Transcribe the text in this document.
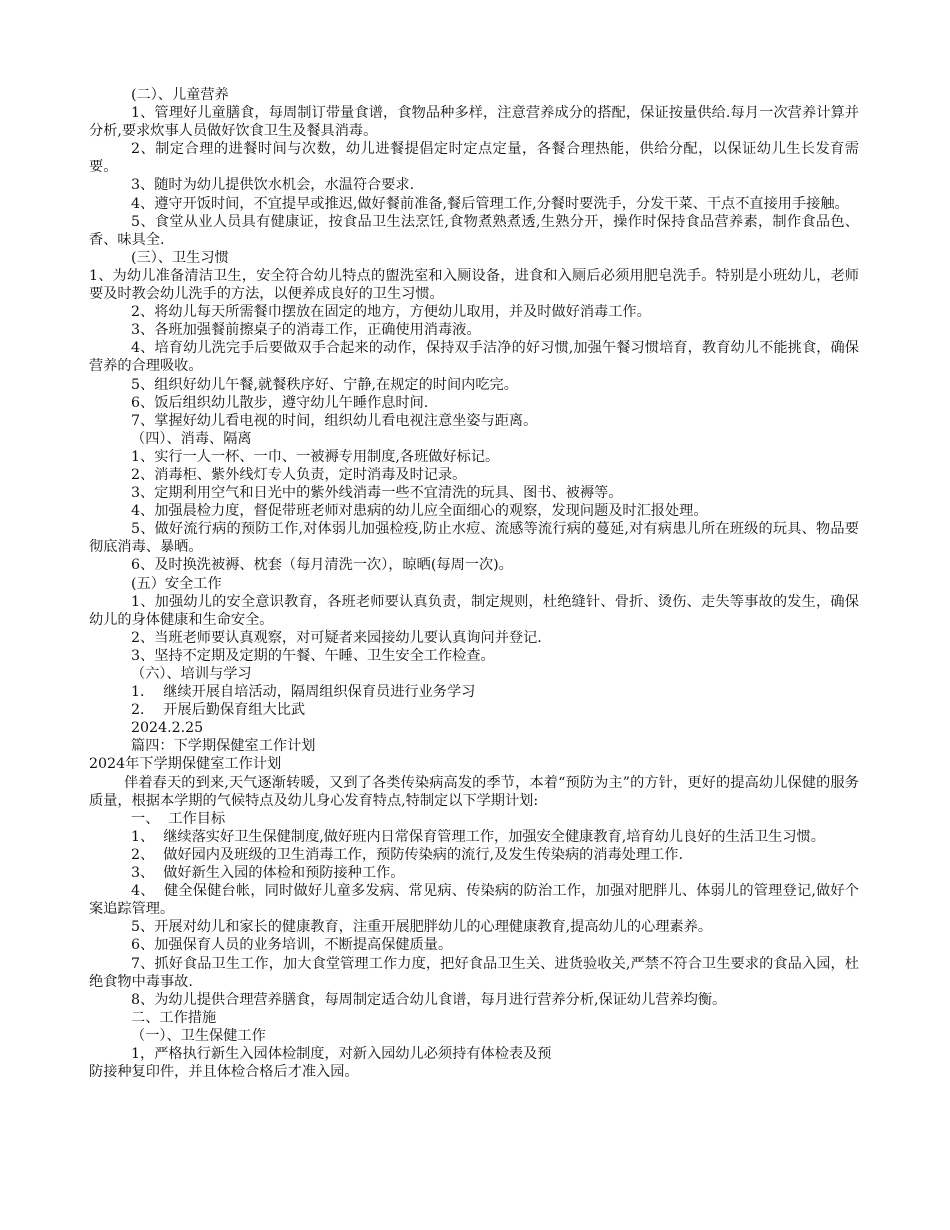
(二）、儿童营养
1、管理好儿童膳食，每周制订带量食谱，食物品种多样，注意营养成分的搭配，保证按量供给.每月一次营养计算并分析,要求炊事人员做好饮食卫生及餐具消毒。
2、制定合理的进餐时间与次数，幼儿进餐提倡定时定点定量，各餐合理热能，供给分配，以保证幼儿生长发育需要。
3、随时为幼儿提供饮水机会，水温符合要求.
4、遵守开饭时间，不宜提早或推迟,做好餐前准备,餐后管理工作,分餐时要洗手，分发干菜、干点不直接用手接触。
5、食堂从业人员具有健康证，按食品卫生法烹饪,食物煮熟煮透,生熟分开，操作时保持食品营养素，制作食品色、香、味具全.
(三）、卫生习惯
1、为幼儿准备清洁卫生，安全符合幼儿特点的盥洗室和入厕设备，进食和入厕后必须用肥皂洗手。特别是小班幼儿，老师要及时教会幼儿洗手的方法，以便养成良好的卫生习惯。
2、将幼儿每天所需餐巾摆放在固定的地方，方便幼儿取用，并及时做好消毒工作。
3、各班加强餐前擦桌子的消毒工作，正确使用消毒液。
4、培育幼儿洗完手后要做双手合起来的动作，保持双手洁净的好习惯,加强午餐习惯培育，教育幼儿不能挑食，确保营养的合理吸收。
5、组织好幼儿午餐,就餐秩序好、宁静,在规定的时间内吃完。
6、饭后组织幼儿散步，遵守幼儿午睡作息时间.
7、掌握好幼儿看电视的时间，组织幼儿看电视注意坐姿与距离。
（四）、消毒、隔离
1、实行一人一杯、一巾、一被褥专用制度,各班做好标记。
2、消毒柜、紫外线灯专人负责，定时消毒及时记录。
3、定期利用空气和日光中的紫外线消毒一些不宜清洗的玩具、图书、被褥等。
4、加强晨检力度，督促带班老师对患病的幼儿应全面细心的观察，发现问题及时汇报处理。
5、做好流行病的预防工作,对体弱儿加强检疫,防止水痘、流感等流行病的蔓延,对有病患儿所在班级的玩具、物品要彻底消毒、暴晒。
6、及时换洗被褥、枕套（每月清洗一次），晾晒(每周一次)。
(五）安全工作
1、加强幼儿的安全意识教育，各班老师要认真负责，制定规则，杜绝缝针、骨折、烫伤、走失等事故的发生，确保幼儿的身体健康和生命安全。
2、当班老师要认真观察，对可疑者来园接幼儿要认真询问并登记.
3、坚持不定期及定期的午餐、午睡、卫生安全工作检查。
（六）、培训与学习
1．  继续开展自培活动，隔周组织保育员进行业务学习
2．  开展后勤保育组大比武
2024.2.25
篇四：下学期保健室工作计划
2024年下学期保健室工作计划
伴着春天的到来,天气逐渐转暖，又到了各类传染病高发的季节，本着“预防为主”的方针，更好的提高幼儿保健的服务质量，根据本学期的气候特点及幼儿身心发育特点,特制定以下学期计划:
一、  工作目标
1、  继续落实好卫生保健制度,做好班内日常保育管理工作，加强安全健康教育,培育幼儿良好的生活卫生习惯。
2、  做好园内及班级的卫生消毒工作，预防传染病的流行,及发生传染病的消毒处理工作.
3、  做好新生入园的体检和预防接种工作。
4、  健全保健台帐，同时做好儿童多发病、常见病、传染病的防治工作，加强对肥胖儿、体弱儿的管理登记,做好个案追踪管理。
5、开展对幼儿和家长的健康教育，注重开展肥胖幼儿的心理健康教育,提高幼儿的心理素养。
6、加强保育人员的业务培训，不断提高保健质量。
7、抓好食品卫生工作，加大食堂管理工作力度，把好食品卫生关、进货验收关,严禁不符合卫生要求的食品入园，杜绝食物中毒事故.
8、为幼儿提供合理营养膳食，每周制定适合幼儿食谱，每月进行营养分析,保证幼儿营养均衡。
二、工作措施
（一）、卫生保健工作
1，严格执行新生入园体检制度，对新入园幼儿必须持有体检表及预
防接种复印件，并且体检合格后才准入园。
